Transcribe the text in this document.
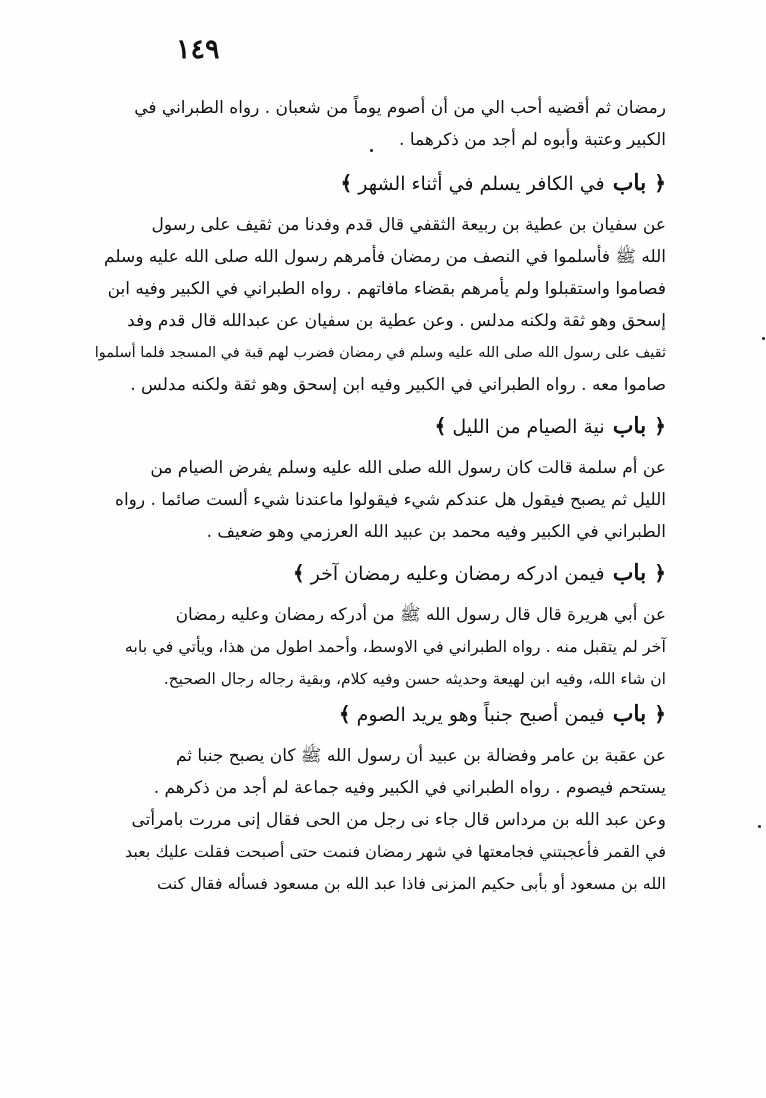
١٤٩

رمضان ثم أقضيه أحب الي من أن أصوم يوماً من شعبان . رواه الطبراني في

الكبير وعتبة وأبوه لم أجد من ذكرهما .

﴿ باب في الكافر يسلم في أثناء الشهر ﴾

عن سفيان بن عطية بن ربيعة الثقفي قال قدم وفدنا من ثقيف على رسول

الله ﷺ فأسلموا في النصف من رمضان فأمرهم رسول الله صلى الله عليه وسلم

فصاموا واستقبلوا ولم يأمرهم بقضاء مافاتهم . رواه الطبراني في الكبير وفيه ابن

إسحق وهو ثقة ولكنه مدلس . وعن عطية بن سفيان عن عبدالله قال قدم وفد

ثقيف على رسول الله صلى الله عليه وسلم في رمضان فضرب لهم قبة في المسجد فلما أسلموا

صاموا معه . رواه الطبراني في الكبير وفيه ابن إسحق وهو ثقة ولكنه مدلس .

﴿ باب نية الصيام من الليل ﴾

عن أم سلمة قالت كان رسول الله صلى الله عليه وسلم يفرض الصيام من

الليل ثم يصبح فيقول هل عندكم شيء فيقولوا ماعندنا شيء ألست صائما . رواه

الطبراني في الكبير وفيه محمد بن عبيد الله العرزمي وهو ضعيف .

﴿ باب فيمن ادركه رمضان وعليه رمضان آخر ﴾

عن أبي هريرة قال قال رسول الله ﷺ من أدركه رمضان وعليه رمضان

آخر لم يتقبل منه . رواه الطبراني في الاوسط، وأحمد اطول من هذا، ويأتي في بابه

ان شاء الله، وفيه ابن لهيعة وحديثه حسن وفيه كلام، وبقية رجاله رجال الصحيح.

﴿ باب فيمن أصبح جنباً وهو يريد الصوم ﴾

عن عقبة بن عامر وفضالة بن عبيد أن رسول الله ﷺ كان يصبح جنبا ثم

يستحم فيصوم . رواه الطبراني في الكبير وفيه جماعة لم أجد من ذكرهم .

وعن عبد الله بن مرداس قال جاء نى رجل من الحى فقال إنى مررت بامرأتى

في القمر فأعجبتني فجامعتها في شهر رمضان فنمت حتى أصبحت فقلت عليك بعبد

الله بن مسعود أو بأبى حكيم المزنى فاذا عبد الله بن مسعود فسأله فقال كنت
